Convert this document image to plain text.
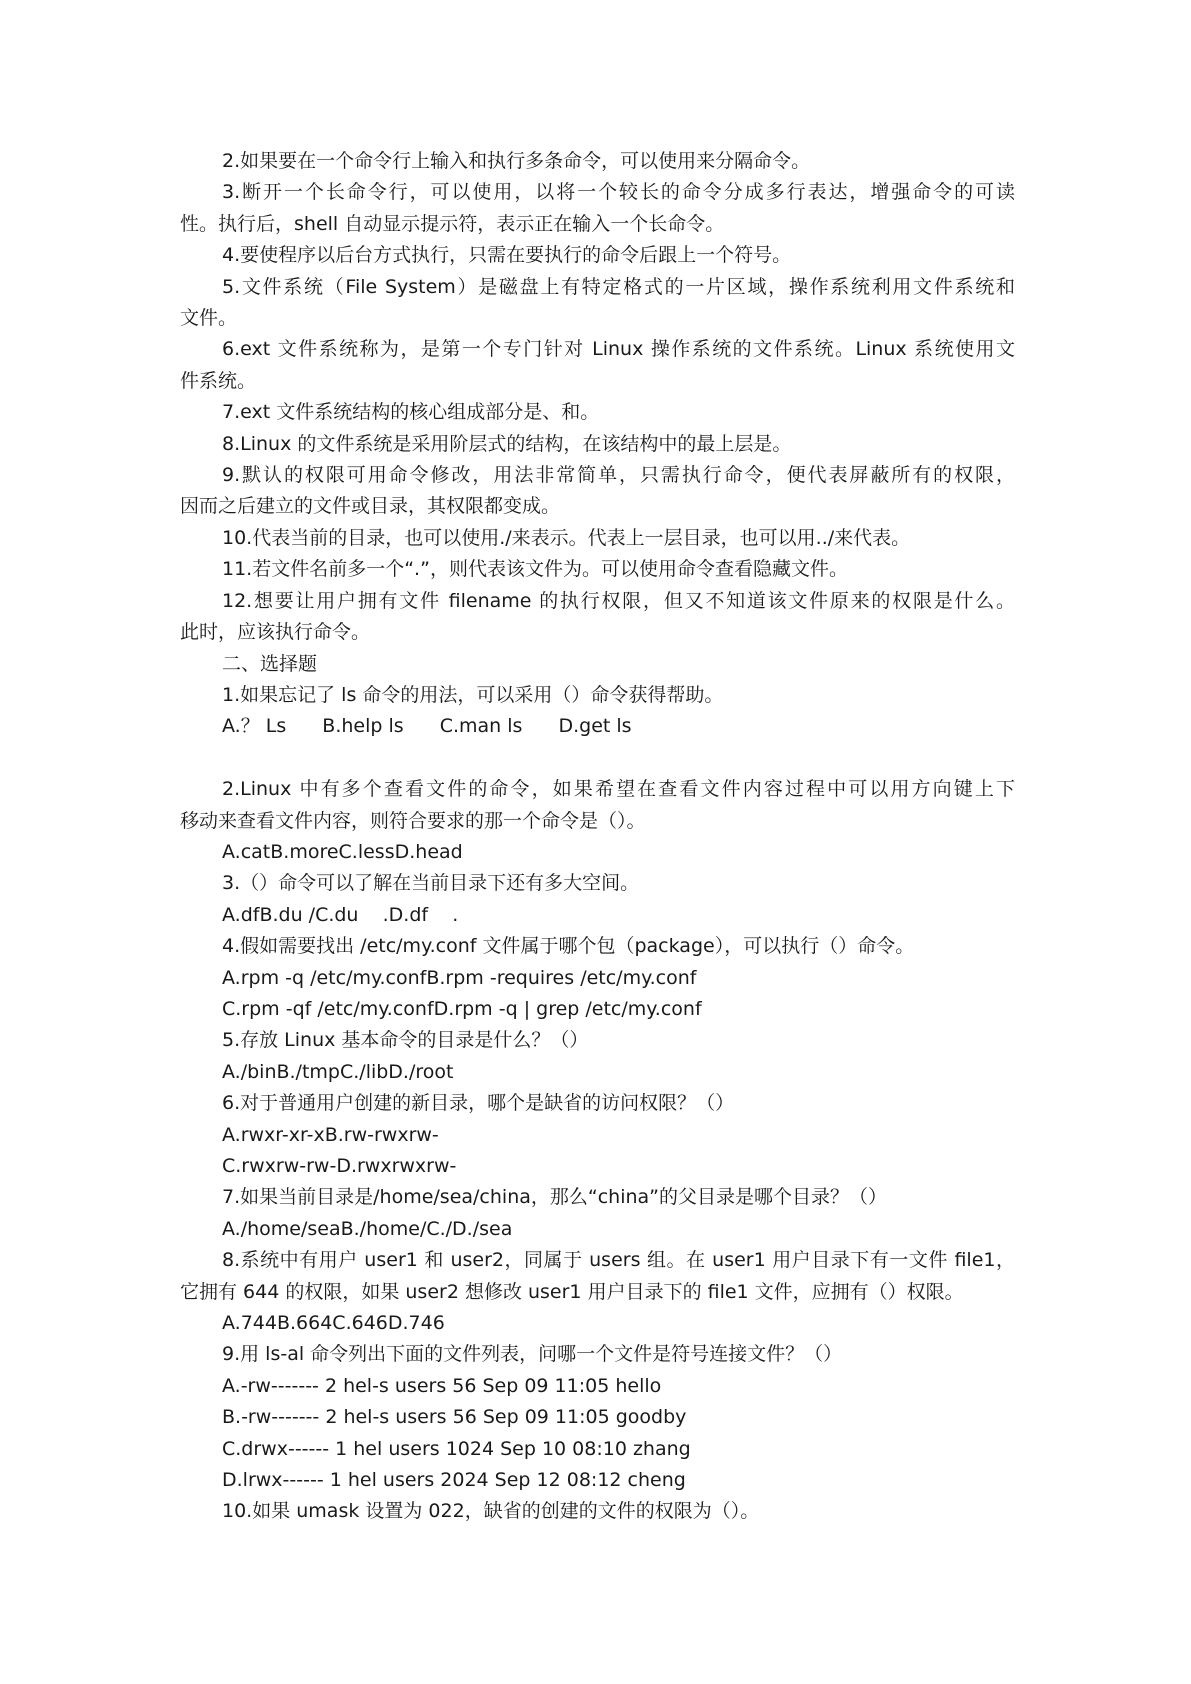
2.如果要在一个命令行上输入和执行多条命令，可以使用来分隔命令。
3.断开一个长命令行，可以使用，以将一个较长的命令分成多行表达，增强命令的可读
性。执行后，shell 自动显示提示符，表示正在输入一个长命令。
4.要使程序以后台方式执行，只需在要执行的命令后跟上一个符号。
5.文件系统（File System）是磁盘上有特定格式的一片区域，操作系统利用文件系统和
文件。
6.ext 文件系统称为，是第一个专门针对 Linux 操作系统的文件系统。Linux 系统使用文
件系统。
7.ext 文件系统结构的核心组成部分是、和。
8.Linux 的文件系统是采用阶层式的结构，在该结构中的最上层是。
9.默认的权限可用命令修改，用法非常简单，只需执行命令，便代表屏蔽所有的权限，
因而之后建立的文件或目录，其权限都变成。
10.代表当前的目录，也可以使用./来表示。代表上一层目录，也可以用../来代表。
11.若文件名前多一个“.”，则代表该文件为。可以使用命令查看隐藏文件。
12.想要让用户拥有文件 filename 的执行权限，但又不知道该文件原来的权限是什么。
此时，应该执行命令。
二、选择题
1.如果忘记了 ls 命令的用法，可以采用（）命令获得帮助。
A.？ Ls B.help ls C.man ls D.get ls
2.Linux 中有多个查看文件的命令，如果希望在查看文件内容过程中可以用方向键上下
移动来查看文件内容，则符合要求的那一个命令是（）。
A.catB.moreC.lessD.head
3.（）命令可以了解在当前目录下还有多大空间。
A.dfB.du /C.du    .D.df    .
4.假如需要找出 /etc/my.conf 文件属于哪个包（package），可以执行（）命令。
A.rpm -q /etc/my.confB.rpm -requires /etc/my.conf
C.rpm -qf /etc/my.confD.rpm -q | grep /etc/my.conf
5.存放 Linux 基本命令的目录是什么？（）
A./binB./tmpC./libD./root
6.对于普通用户创建的新目录，哪个是缺省的访问权限？（）
A.rwxr-xr-xB.rw-rwxrw-
C.rwxrw-rw-D.rwxrwxrw-
7.如果当前目录是/home/sea/china，那么“china”的父目录是哪个目录？（）
A./home/seaB./home/C./D./sea
8.系统中有用户 user1 和 user2，同属于 users 组。在 user1 用户目录下有一文件 file1，
它拥有 644 的权限，如果 user2 想修改 user1 用户目录下的 file1 文件，应拥有（）权限。
A.744B.664C.646D.746
9.用 ls-al 命令列出下面的文件列表，问哪一个文件是符号连接文件？（）
A.-rw------- 2 hel-s users 56 Sep 09 11:05 hello
B.-rw------- 2 hel-s users 56 Sep 09 11:05 goodby
C.drwx------ 1 hel users 1024 Sep 10 08:10 zhang
D.lrwx------ 1 hel users 2024 Sep 12 08:12 cheng
10.如果 umask 设置为 022，缺省的创建的文件的权限为（）。
